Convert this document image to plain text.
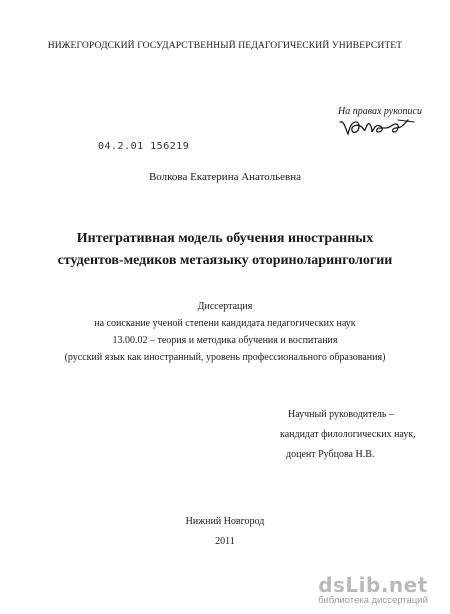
НИЖЕГОРОДСКИЙ ГОСУДАРСТВЕННЫЙ ПЕДАГОГИЧЕСКИЙ УНИВЕРСИТЕТ
На правах рукописи
04.2.01 156219
Волкова Екатерина Анатольевна
Интегративная модель обучения иностранных
студентов-медиков метаязыку оториноларингологии
Диссертация
на соискание ученой степени кандидата педагогических наук
13.00.02 – теория и методика обучения и воспитания
(русский язык как иностранный, уровень профессионального образования)
Научный руководитель –
кандидат филологических наук,
доцент Рубцова Н.В.
Нижний Новгород
2011
dsLib.net
библиотека диссертаций
